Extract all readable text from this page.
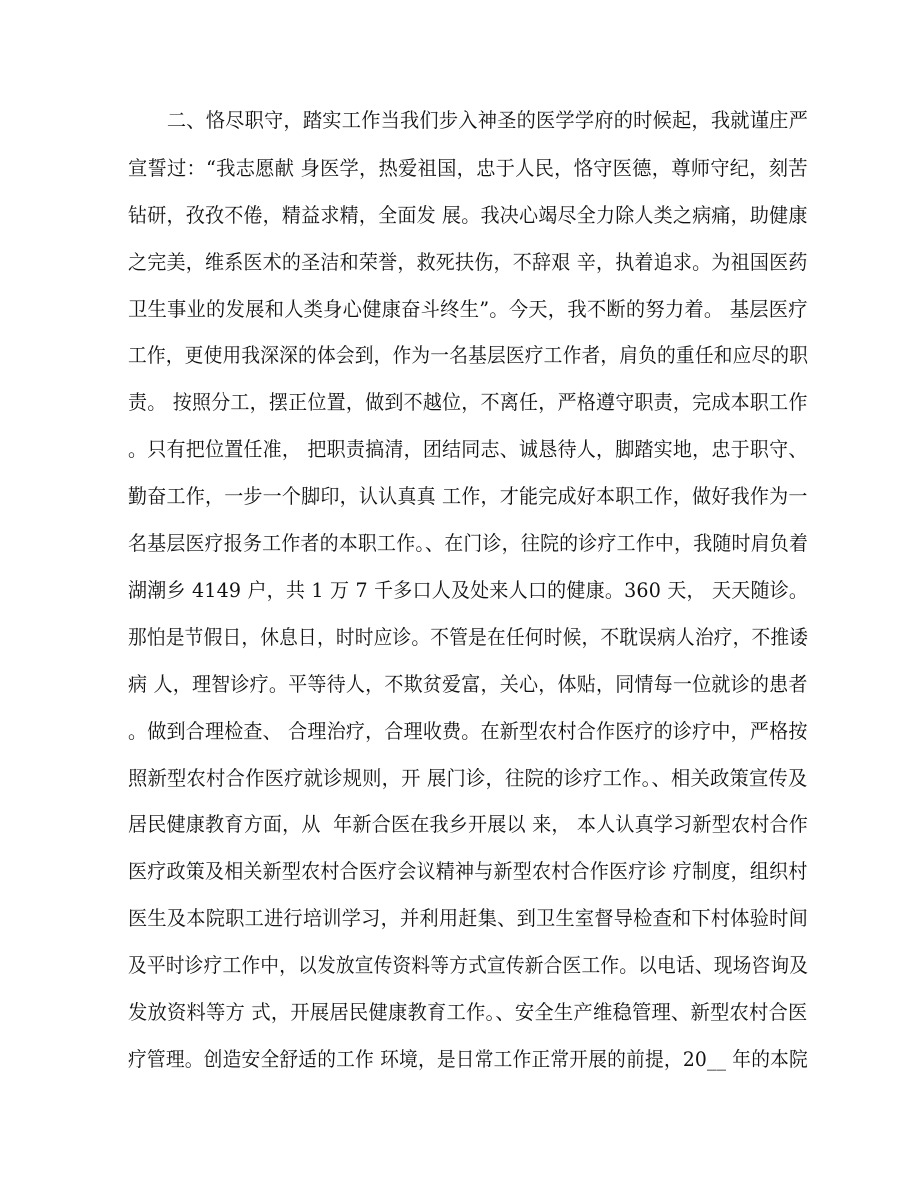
　　二、恪尽职守，踏实工作当我们步入神圣的医学学府的时候起，我就谨庄严
宣誓过：“我志愿献 身医学，热爱祖国，忠于人民，恪守医德，尊师守纪，刻苦
钻研，孜孜不倦，精益求精，全面发 展。我决心竭尽全力除人类之病痛，助健康
之完美，维系医术的圣洁和荣誉，救死扶伤，不辞艰 辛，执着追求。为祖国医药
卫生事业的发展和人类身心健康奋斗终生”。今天，我不断的努力着。 基层医疗
工作，更使用我深深的体会到，作为一名基层医疗工作者，肩负的重任和应尽的职
责。 按照分工，摆正位置，做到不越位，不离任，严格遵守职责，完成本职工作
。只有把位置任准， 把职责搞清，团结同志、诚恳待人，脚踏实地，忠于职守、
勤奋工作，一步一个脚印，认认真真 工作，才能完成好本职工作，做好我作为一
名基层医疗报务工作者的本职工作。、在门诊，往院的诊疗工作中，我随时肩负着
湖潮乡 4149 户，共 1 万 7 千多口人及处来人口的健康。360 天， 天天随诊。
那怕是节假日，休息日，时时应诊。不管是在任何时候，不耽误病人治疗，不推诿
病 人，理智诊疗。平等待人，不欺贫爱富，关心，体贴，同情每一位就诊的患者
。做到合理检查、 合理治疗，合理收费。在新型农村合作医疗的诊疗中，严格按
照新型农村合作医疗就诊规则，开 展门诊，往院的诊疗工作。、相关政策宣传及
居民健康教育方面，从  年新合医在我乡开展以 来， 本人认真学习新型农村合作
医疗政策及相关新型农村合医疗会议精神与新型农村合作医疗诊 疗制度，组织村
医生及本院职工进行培训学习，并利用赶集、到卫生室督导检查和下村体验时间
及平时诊疗工作中，以发放宣传资料等方式宣传新合医工作。以电话、现场咨询及
发放资料等方 式，开展居民健康教育工作。、安全生产维稳管理、新型农村合医
疗管理。创造安全舒适的工作 环境，是日常工作正常开展的前提，20__ 年的本院
